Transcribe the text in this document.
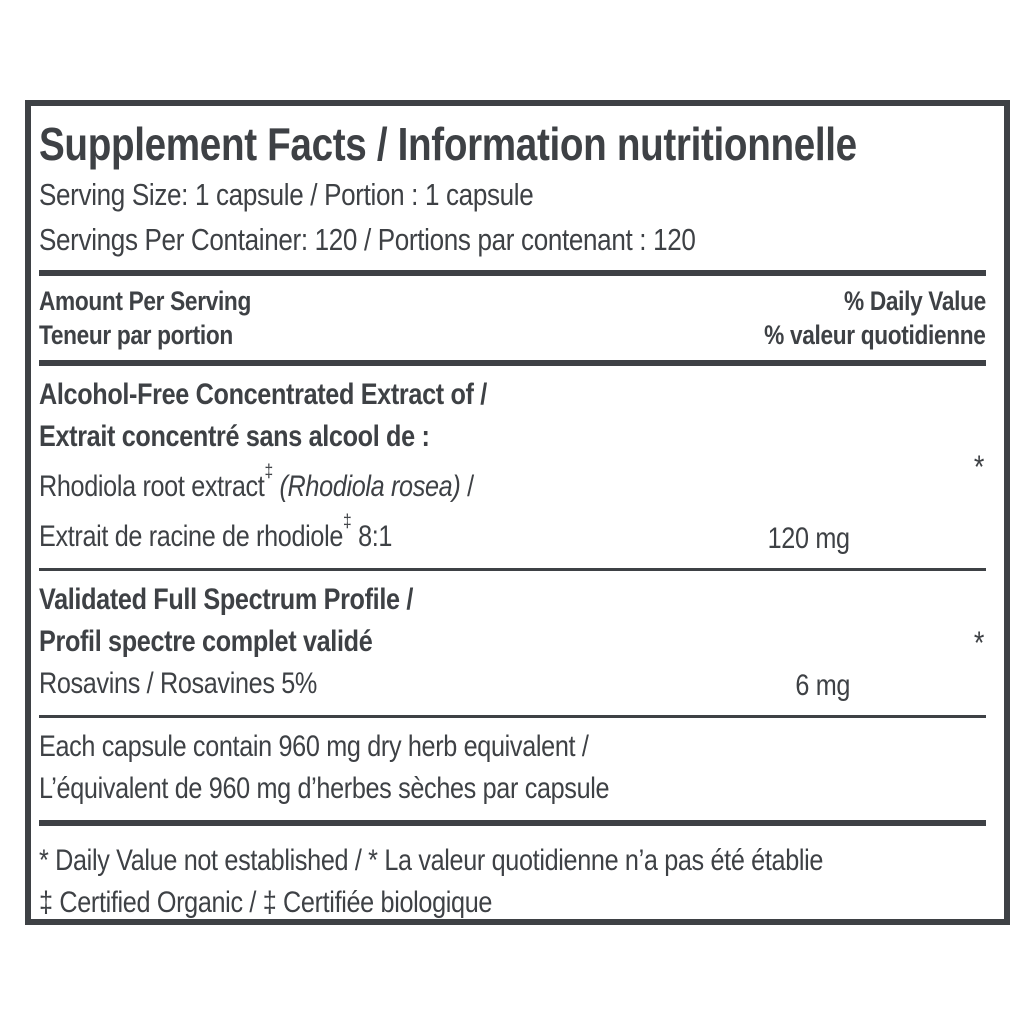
Supplement Facts / Information nutritionnelle
Serving Size: 1 capsule / Portion : 1 capsule
Servings Per Container: 120 / Portions par contenant : 120
Amount Per Serving
Teneur par portion
% Daily Value
% valeur quotidienne
Alcohol-Free Concentrated Extract of /
Extrait concentré sans alcool de :
Rhodiola root extract‡ (Rhodiola rosea) /
Extrait de racine de rhodiole‡ 8:1	120 mg
*
Validated Full Spectrum Profile /
Profil spectre complet validé
Rosavins / Rosavines 5%	6 mg
*
Each capsule contain 960 mg dry herb equivalent /
L’équivalent de 960 mg d’herbes sèches par capsule
* Daily Value not established / * La valeur quotidienne n’a pas été établie
‡ Certified Organic / ‡ Certifiée biologique
